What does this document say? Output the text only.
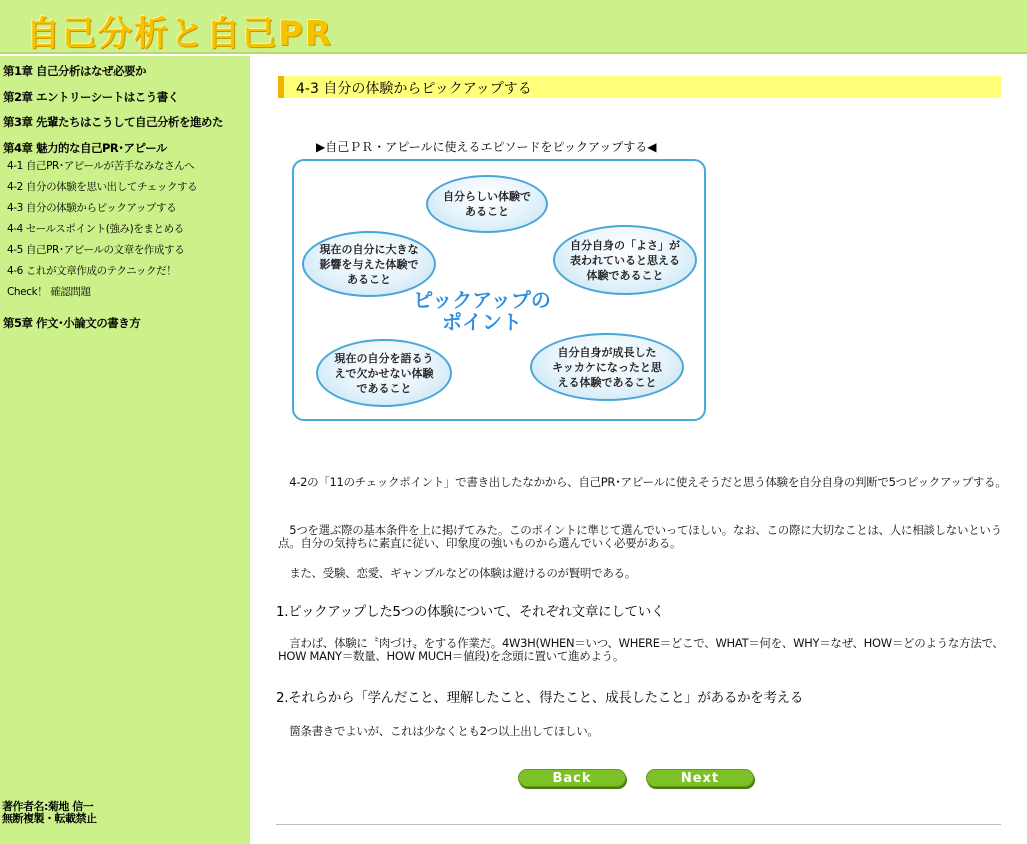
自己分析と自己PR
第1章 自己分析はなぜ必要か
第2章 エントリーシートはこう書く
第3章 先輩たちはこうして自己分析を進めた
第4章 魅力的な自己PR･アピール
4-1 自己PR･アピールが苦手なみなさんへ
4-2 自分の体験を思い出してチェックする
4-3 自分の体験からピックアップする
4-4 セールスポイント(強み)をまとめる
4-5 自己PR･アピールの文章を作成する
4-6 これが文章作成のテクニックだ！
Check！ 確認問題
第5章 作文･小論文の書き方
著作者名:菊地 信一
無断複製・転載禁止
4-3 自分の体験からピックアップする
▶自己ＰＲ・アピールに使えるエピソードをピックアップする◀
自分らしい体験で
あること
現在の自分に大きな
影響を与えた体験で
あること
自分自身の「よさ」が
表われていると思える
体験であること
ピックアップの
ポイント
現在の自分を語るう
えで欠かせない体験
であること
自分自身が成長した
キッカケになったと思
える体験であること
　4-2の「11のチェックポイント」で書き出したなかから、自己PR･アピールに使えそうだと思う体験を自分自身の判断で5つピックアップする。
　5つを選ぶ際の基本条件を上に掲げてみた。このポイントに準じて選んでいってほしい。なお、この際に大切なことは、人に相談しないという点。自分の気持ちに素直に従い、印象度の強いものから選んでいく必要がある。
　また、受験、恋愛、ギャンブルなどの体験は避けるのが賢明である。
1.ピックアップした5つの体験について、それぞれ文章にしていく
　言わば、体験に〝肉づけ〟をする作業だ。4W3H(WHEN＝いつ、WHERE＝どこで、WHAT＝何を、WHY＝なぜ、HOW＝どのような方法で、HOW MANY＝数量、HOW MUCH＝値段)を念頭に置いて進めよう。
2.それらから「学んだこと、理解したこと、得たこと、成長したこと」があるかを考える
　箇条書きでよいが、これは少なくとも2つ以上出してほしい。
Back	Next
